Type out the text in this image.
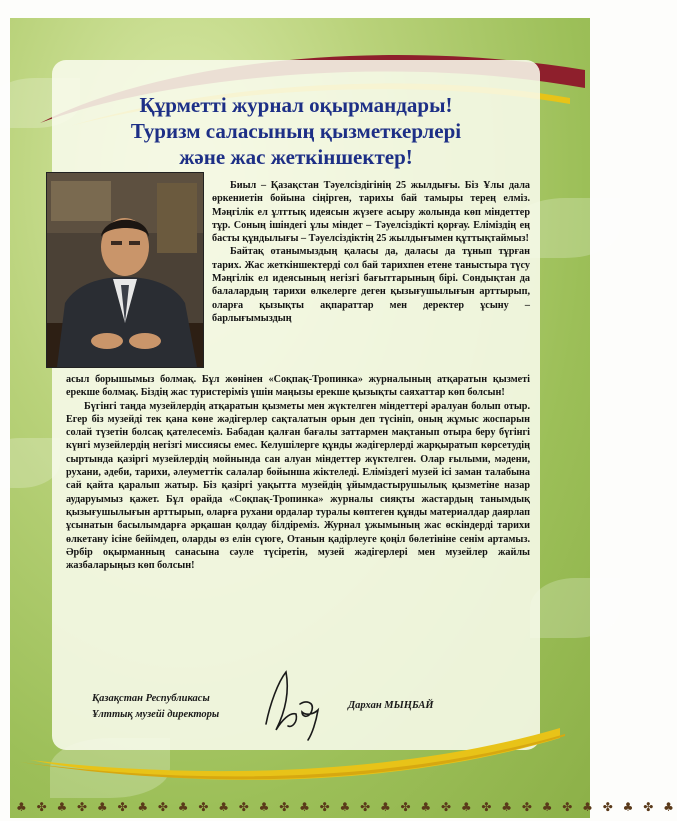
Құрметті журнал оқырмандары!
Туризм саласының қызметкерлері
және жас жеткіншектер!

Биыл – Қазақстан Тәуелсіздігінің 25 жылдығы. Біз Ұлы дала өркениетін бойына сіңірген, тарихы бай тамыры терең елміз. Мәңгілік ел ұлттық идеясын жүзеге асыру жолында көп міндеттер тұр. Соның ішіндегі ұлы міндет – Тәуелсіздікті қорғау. Еліміздің ең басты құндылығы – Тәуелсіздіктің 25 жылдығымен құттықтаймыз!

Байтақ отанымыздың қаласы да, даласы да тұнып тұрған тарих. Жас жеткіншектерді сол бай тарихпен етене таныстыра түсу Мәңгілік ел идеясының негізгі бағыттарының бірі. Сондықтан да балалардың тарихи өлкелерге деген қызығушылығын арттырып, оларға қызықты ақпараттар мен деректер ұсыну – барлығымыздың

асыл борышымыз болмақ. Бұл жөнінен «Соқпақ-Тропинка» журналының атқаратын қызметі ерекше болмақ. Біздің жас туристеріміз үшін маңызы ерекше қызықты саяхаттар көп болсын!

Бүгінгі таңда музейлердің атқаратын қызметы мен жүктелген міндеттері әралуан болып отыр. Егер біз музейді тек қана көне жәдігерлер сақталатын орын деп түсініп, оның жұмыс жоспарын солай түзетін болсақ қателесеміз. Бабадан қалған бағалы заттармен мақтанып отыра беру бүгінгі күнгі музейлердің негізгі миссиясы емес. Келушілерге құнды жәдігерлерді жарқыратып көрсетудің сыртында қазіргі музейлердің мойнында сан алуан міндеттер жүктелген. Олар ғылыми, мәдени, рухани, әдеби, тарихи, әлеуметтік салалар бойынша жіктеледі. Еліміздегі музей ісі заман талабына сай қайта қаралып жатыр. Біз қазіргі уақытта музейдің ұйымдастырушылық қызметіне назар аударуымыз қажет. Бұл орайда «Соқпақ-Тропинка» журналы сияқты жастардың танымдық қызығушылығын арттырып, оларға рухани ордалар туралы көптеген құнды материалдар даярлап ұсынатын басылымдарға әрқашан қолдау білдіреміз. Журнал ұжымының жас өскіндерді тарихи өлкетану ісіне бейімдеп, оларды өз елін сүюге, Отанын қадірлеуге қоңіл бөлетініне сенім артамыз. Әрбір оқырманның санасына сәуле түсіретін, музей жәдігерлері мен музейлер жайлы жазбаларыңыз көп болсын!

Қазақстан Республикасы
Ұлттық музейі директоры
Дархан МЫҢБАЙ
♣ ✤ ♣ ✤ ♣ ✤ ♣ ✤ ♣ ✤ ♣ ✤ ♣ ✤ ♣ ✤ ♣ ✤ ♣ ✤ ♣ ✤ ♣ ✤ ♣ ✤ ♣ ✤ ♣ ✤ ♣ ✤ ♣
